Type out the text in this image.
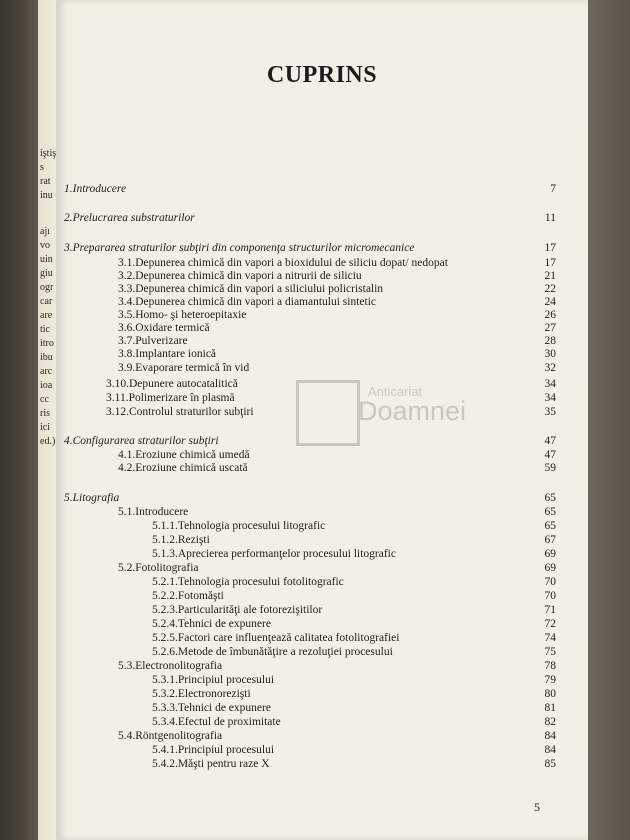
iştiş
s
rat
inu
ajı
vo
uin
giu
ogr
car
are
tic
itro
ibu
arc
ioa
cc
ris
ici
ed.)
CUPRINS
Anticariat
Doamnei
1.Introducere	7
2.Prelucrarea substraturilor	11
3.Prepararea straturilor subţiri din componenţa structurilor micromecanice	17
3.1.Depunerea chimică din vapori a bioxidului de siliciu dopat/ nedopat	17
3.2.Depunerea chimică din vapori a nitrurii de siliciu	21
3.3.Depunerea chimică din vapori a siliciului policristalin	22
3.4.Depunerea chimică din vapori a diamantului sintetic	24
3.5.Homo- şi heteroepitaxie	26
3.6.Oxidare termică	27
3.7.Pulverizare	28
3.8.Implantare ionică	30
3.9.Evaporare termică în vid	32
3.10.Depunere autocatalitică	34
3.11.Polimerizare în plasmă	34
3.12.Controlul straturilor subţiri	35
4.Configurarea straturilor subţiri	47
4.1.Eroziune chimică umedă	47
4.2.Eroziune chimică uscată	59
5.Litografia	65
5.1.Introducere	65
5.1.1.Tehnologia procesului litografic	65
5.1.2.Rezişti	67
5.1.3.Aprecierea performanţelor procesului litografic	69
5.2.Fotolitografia	69
5.2.1.Tehnologia procesului fotolitografic	70
5.2.2.Fotomăşti	70
5.2.3.Particularităţi ale fotorezişitilor	71
5.2.4.Tehnici de expunere	72
5.2.5.Factori care influenţează calitatea fotolitografiei	74
5.2.6.Metode de îmbunătăţire a rezoluţiei procesului	75
5.3.Electronolitografia	78
5.3.1.Principiul procesului	79
5.3.2.Electronorezişti	80
5.3.3.Tehnici de expunere	81
5.3.4.Efectul de proximitate	82
5.4.Röntgenolitografia	84
5.4.1.Principiul procesului	84
5.4.2.Măşti pentru raze X	85
5
